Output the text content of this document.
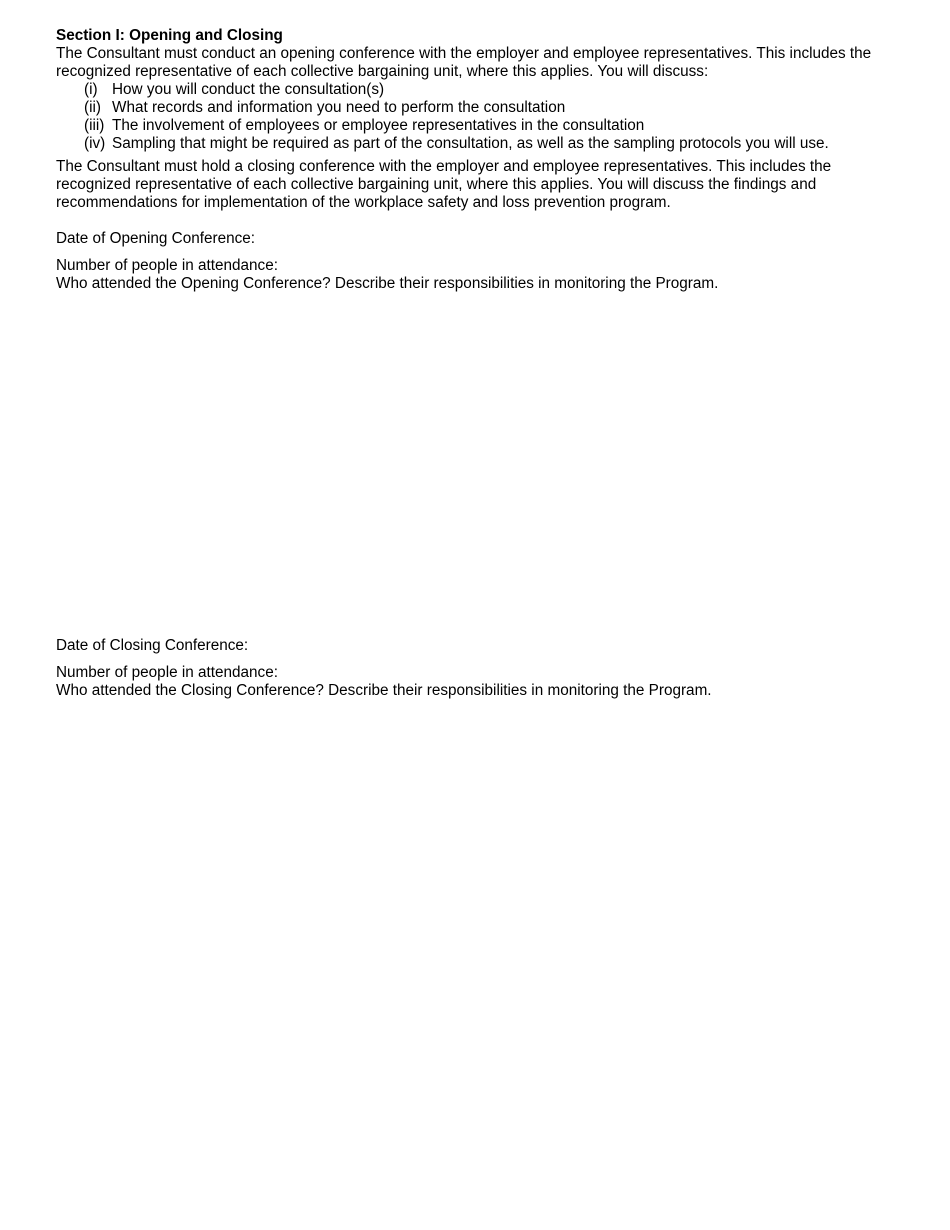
Section I: Opening and Closing

The Consultant must conduct an opening conference with the employer and employee representatives. This includes the recognized representative of each collective bargaining unit, where this applies. You will discuss:

(i) How you will conduct the consultation(s)
(ii) What records and information you need to perform the consultation
(iii) The involvement of employees or employee representatives in the consultation
(iv) Sampling that might be required as part of the consultation, as well as the sampling protocols you will use.

The Consultant must hold a closing conference with the employer and employee representatives. This includes the recognized representative of each collective bargaining unit, where this applies. You will discuss the findings and recommendations for implementation of the workplace safety and loss prevention program.

Date of Opening Conference:

Number of people in attendance:

Who attended the Opening Conference? Describe their responsibilities in monitoring the Program.

Date of Closing Conference:

Number of people in attendance:

Who attended the Closing Conference? Describe their responsibilities in monitoring the Program.
